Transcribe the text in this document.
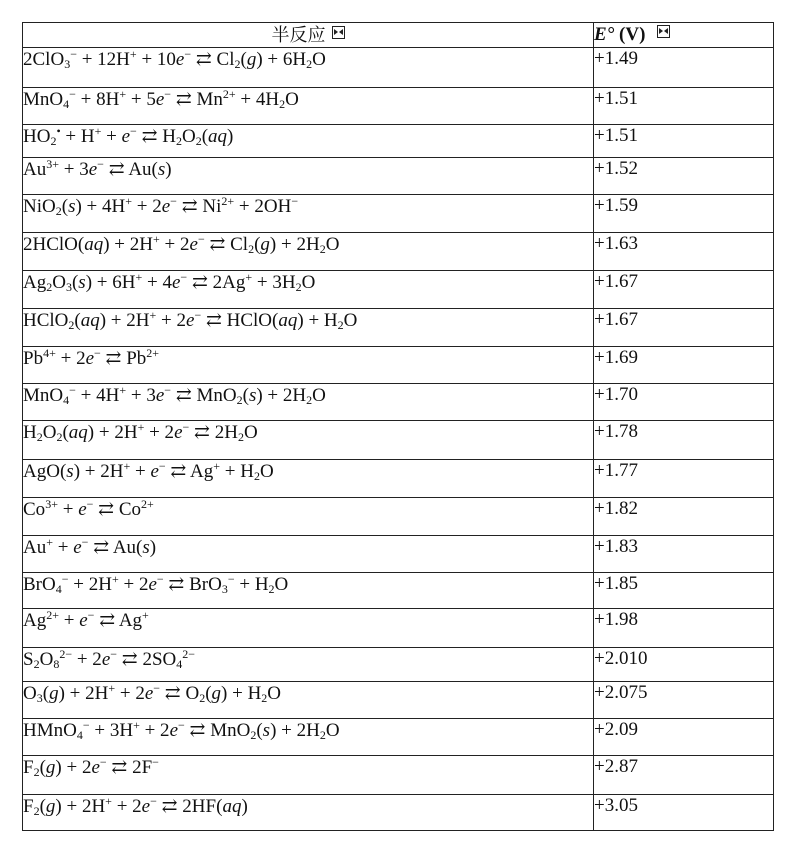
半反应	E° (V)
2ClO$_3$− + 12H+ + 10e− ⇄ $Cl_2(g) + 6H_2O$	+1.49
MnO$_4$− + 8H+ + 5e− ⇄ $Mn^{2+} + 4H_2O$	+1.51
$HO_2^• + H^+ + e^-$ ⇄ $H_2O_2(aq)$	+1.51
$Au^{3+} + 3e^-$ ⇄ Au(s)	+1.52
NiO$_2$(s) + 4H+ + 2e− ⇄ $Ni^{2+} + 2OH^-$	+1.59
2HClO(aq) + 2H+ + 2e− ⇄ $Cl_2(g) + 2H_2O$	+1.63
$Ag_2O_3(s) + 6H^+ + 4e^-$ ⇄ $2Ag^+ + 3H_2O$	+1.67
HClO$_2$(aq) + 2H+ + 2e− ⇄ HClO(aq) + $H_2O$	+1.67
$Pb^{4+} + 2e^-$ ⇄ $Pb^{2+}$	+1.69
MnO$_4$− + 4H+ + 3e− ⇄ $MnO_2(s) + 2H_2O$	+1.70
$H_2O_2(aq) + 2H^+ + 2e^-$ ⇄ $2H_2O$	+1.78
AgO(s) + 2H+ + e− ⇄ $Ag^+ + H_2O$	+1.77
$Co^{3+} + e^-$ ⇄ $Co^{2+}$	+1.82
Au+ + e− ⇄ Au(s)	+1.83
BrO$_4$− + 2H+ + 2e− ⇄ $BrO_3^- + H_2O$	+1.85
$Ag^{2+} + e^-$ ⇄ Ag+	+1.98
$S_2O_8^{2-} + 2e^-$ ⇄ $2SO_4^{2-}$	+2.010
$O_3(g) + 2H^+ + 2e^-$ ⇄ $O_2(g) + H_2O$	+2.075
HMnO$_4$− + 3H+ + 2e− ⇄ $MnO_2(s) + 2H_2O$	+2.09
$F_2(g) + 2e^-$ ⇄ 2F−	+2.87
$F_2(g) + 2H^+ + 2e^-$ ⇄ 2HF(aq)	+3.05
